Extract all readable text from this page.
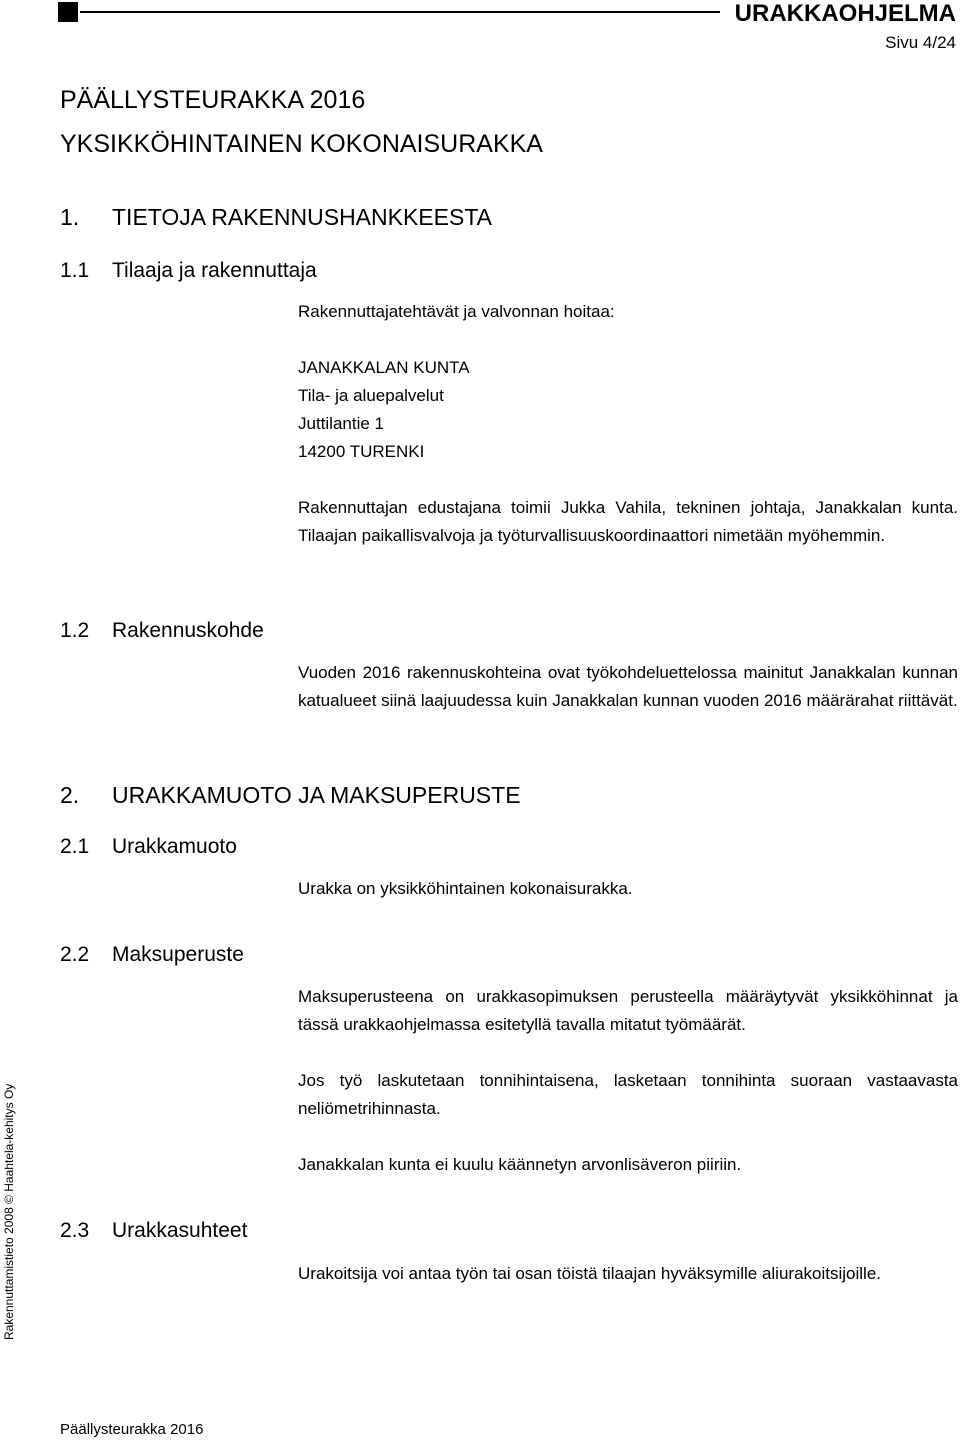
URAKKAOHJELMA
Sivu 4/24
PÄÄLLYSTEURAKKA 2016
YKSIKKÖHINTAINEN KOKONAISURAKKA
1. TIETOJA RAKENNUSHANKKEESTA
1.1 Tilaaja ja rakennuttaja
Rakennuttajatehtävät ja valvonnan hoitaa:
JANAKKALAN KUNTA
Tila- ja aluepalvelut
Juttilantie 1
14200 TURENKI
Rakennuttajan edustajana toimii Jukka Vahila, tekninen johtaja, Janakkalan kunta. Tilaajan paikallisvalvoja ja työturvallisuuskoordinaattori nimetään myöhemmin.
1.2 Rakennuskohde
Vuoden 2016 rakennuskohteina ovat työkohdeluettelossa mainitut Janakkalan kunnan katualueet siinä laajuudessa kuin Janakkalan kunnan vuoden 2016 määrärahat riittävät.
2. URAKKAMUOTO JA MAKSUPERUSTE
2.1 Urakkamuoto
Urakka on yksikköhintainen kokonaisurakka.
2.2 Maksuperuste
Maksuperusteena on urakkasopimuksen perusteella määräytyvät yksikköhinnat ja tässä urakkaohjelmassa esitetyllä tavalla mitatut työmäärät.
Jos työ laskutetaan tonnihintaisena, lasketaan tonnihinta suoraan vastaavasta neliömetrihinnasta.
Janakkalan kunta ei kuulu käännetyn arvonlisäveron piiriin.
2.3 Urakkasuhteet
Urakoitsija voi antaa työn tai osan töistä tilaajan hyväksymille aliurakoitsijoille.
Rakennuttamistieto 2008 © Haahtela-kehitys Oy
Päällysteurakka 2016
